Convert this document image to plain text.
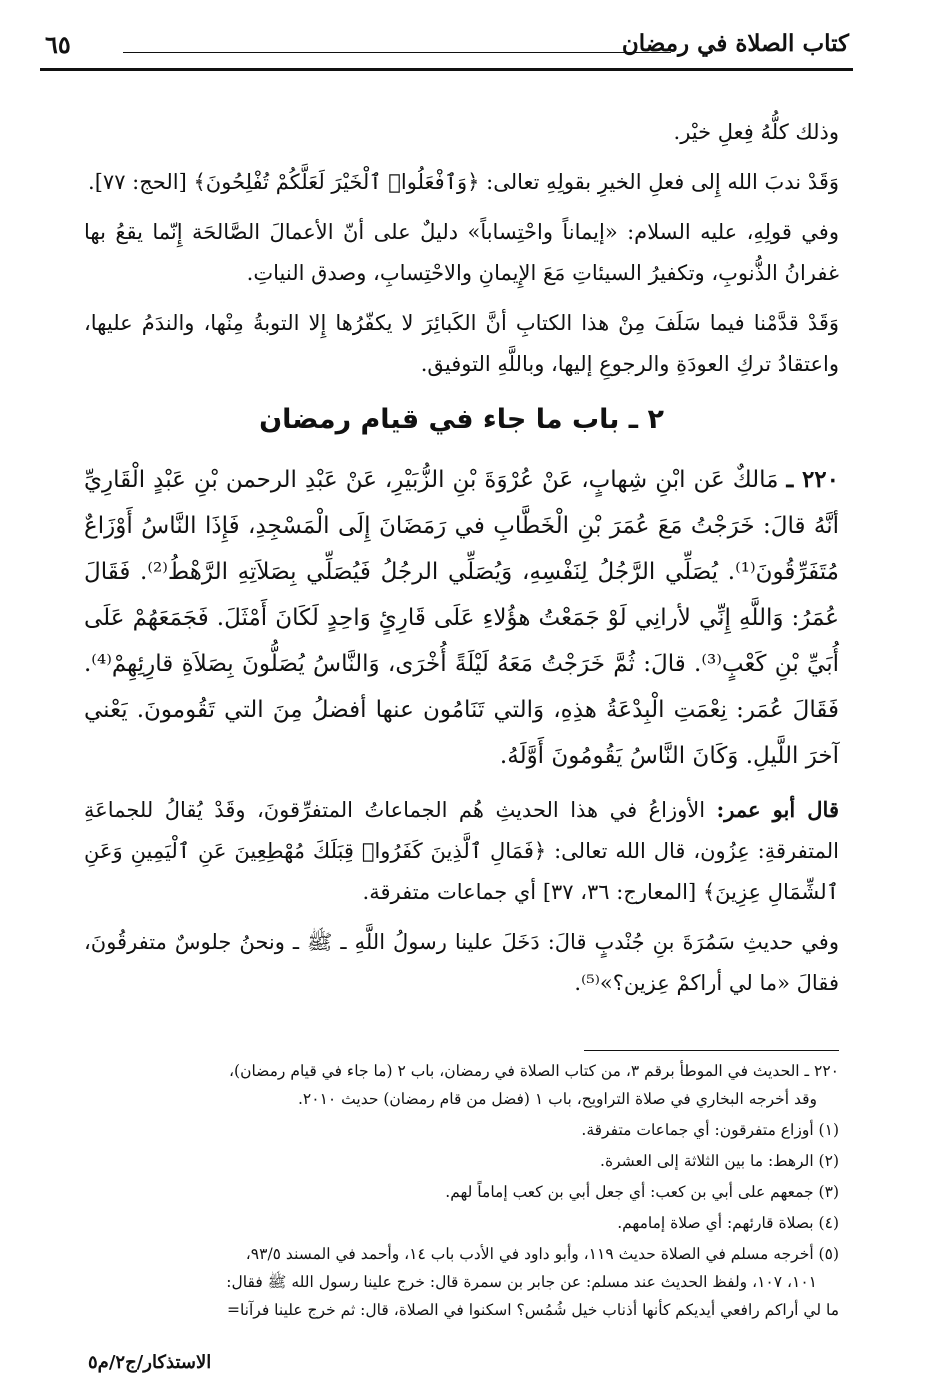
كتاب الصلاة في رمضان
٦٥

وذلك كلُّهُ فِعلِ خيْر.

وَقَدْ ندبَ الله إِلى فعلِ الخيرِ بقولِهِ تعالى: ﴿وَٱفْعَلُوا۟ ٱلْخَيْرَ لَعَلَّكُمْ تُفْلِحُونَ﴾ [الحج: ٧٧].

وفي قولِهِ، عليه السلام: «إيماناً واحْتِساباً» دليلٌ على أنّ الأعمالَ الصَّالحَة إِنّما يقعُ بها غفرانُ الذُّنوبِ، وتكفيرُ السيئاتِ مَعَ الإِيمانِ والاحْتِسابِ، وصدق النياتِ.

وَقَدْ قدَّمْنا فيما سَلَفَ مِنْ هذا الكتابِ أنَّ الكَبائِرَ لا يكفّرُها إِلا التوبةُ مِنْها، والندَمُ عليها، واعتقادُ تركِ العودَةِ والرجوعِ إليها، وباللَّهِ التوفيق.

٢ ـ باب ما جاء في قيام رمضان

٢٢٠ ـ مَالكٌ عَن ابْنِ شِهابٍ، عَنْ عُرْوَةَ بْنِ الزُّبَيْرِ، عَنْ عَبْدِ الرحمن بْنِ عَبْدٍ الْقَارِيِّ أنَّهُ قالَ: خَرَجْتُ مَعَ عُمَرَ بْنِ الْخَطَّابِ في رَمَضَانَ إِلَى الْمَسْجِدِ، فَإِذَا النَّاسُ أَوْزَاعٌ مُتَفَرِّقُونَ⁽¹⁾. يُصَلِّي الرَّجُلُ لِنَفْسِهِ، وَيُصَلِّي الرجُلُ فَيُصَلِّي بِصَلاَتِهِ الرَّهْطُ⁽²⁾. فَقَالَ عُمَرُ: وَاللَّهِ إِنِّي لأرانِي لَوْ جَمَعْتُ هؤُلاءِ عَلَى قَارِئٍ وَاحِدٍ لَكَانَ أَمْثَلَ. فَجَمَعَهُمْ عَلَى أُبَيِّ بْنِ كَعْبٍ⁽³⁾. قالَ: ثُمَّ خَرَجْتُ مَعَهُ لَيْلَةً أُخْرَى، وَالنَّاسُ يُصَلُّونَ بِصَلاَةِ قارِئِهِمْ⁽⁴⁾. فَقَالَ عُمَر: نِعْمَتِ الْبِدْعَةُ هذِهِ، وَالتي تَنَامُون عنها أفضلُ مِنَ التي تَقُومونَ. يَعْني آخرَ اللَّيلِ. وَكَانَ النَّاسُ يَقُومُونَ أَوَّلَهُ.

قال أبو عمر: الأوزاعُ في هذا الحديثِ هُم الجماعاتُ المتفرِّقونَ، وقَدْ يُقالُ للجماعَةِ المتفرقةِ: عِزُون، قال الله تعالى: ﴿فَمَالِ ٱلَّذِينَ كَفَرُوا۟ قِبَلَكَ مُهْطِعِينَ عَنِ ٱلْيَمِينِ وَعَنِ ٱلشِّمَالِ عِزِينَ﴾ [المعارج: ٣٦، ٣٧] أي جماعات متفرقة.

وفي حديثِ سَمُرَةَ بنِ جُنْدبٍ قالَ: دَخَلَ علينا رسولُ اللَّهِ ـ ﷺ ـ ونحنُ جلوسٌ متفرقُونَ، فقالَ «ما لي أراكمْ عِزين؟»⁽⁵⁾.

٢٢٠ ـ الحديث في الموطأ برقم ٣، من كتاب الصلاة في رمضان، باب ٢ (ما جاء في قيام رمضان)،
وقد أخرجه البخاري في صلاة التراويح، باب ١ (فضل من قام رمضان) حديث ٢٠١٠.

(١) أوزاع متفرقون: أي جماعات متفرقة.

(٢) الرهط: ما بين الثلاثة إلى العشرة.

(٣) جمعهم على أبي بن كعب: أي جعل أبي بن كعب إماماً لهم.

(٤) بصلاة قارئهم: أي صلاة إمامهم.

(٥) أخرجه مسلم في الصلاة حديث ١١٩، وأبو داود في الأدب باب ١٤، وأحمد في المسند ٩٣/٥،
١٠١، ١٠٧، ولفظ الحديث عند مسلم: عن جابر بن سمرة قال: خرج علينا رسول الله ﷺ فقال:
ما لي أراكم رافعي أيديكم كأنها أذناب خيل شُمُس؟ اسكنوا في الصلاة، قال: ثم خرج علينا فرآنا=

الاستذكار/ج٢/م٥
